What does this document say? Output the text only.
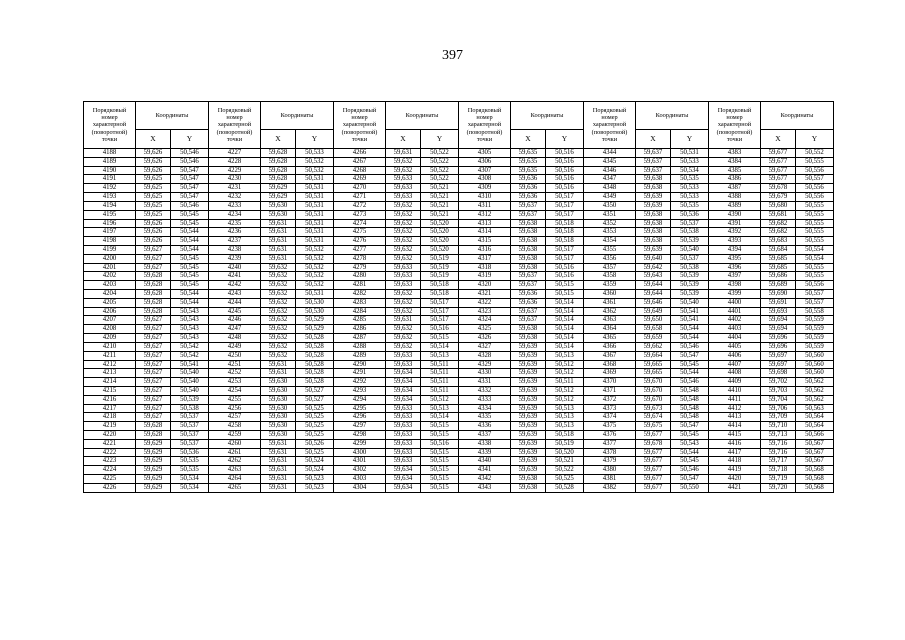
397
Порядковый номер характерной (поворотной) точки	Координаты		Порядковый номер характерной (поворотной) точки	Координаты		Порядковый номер характерной (поворотной) точки	Координаты		Порядковый номер характерной (поворотной) точки	Координаты		Порядковый номер характерной (поворотной) точки	Координаты		Порядковый номер характерной (поворотной) точки	Координаты	
	X	Y		X	Y		X	Y		X	Y		X	Y		X	Y
4188	59,626	50,546	4227	59,628	50,533	4266	59,631	50,522	4305	59,635	50,516	4344	59,637	50,531	4383	59,677	50,552
4189	59,626	50,546	4228	59,628	50,532	4267	59,632	50,522	4306	59,635	50,516	4345	59,637	50,533	4384	59,677	50,555
4190	59,626	50,547	4229	59,628	50,532	4268	59,632	50,522	4307	59,635	50,516	4346	59,637	50,534	4385	59,677	50,556
4191	59,625	50,547	4230	59,628	50,531	4269	59,633	50,522	4308	59,636	50,516	4347	59,638	50,535	4386	59,677	50,557
4192	59,625	50,547	4231	59,629	50,531	4270	59,633	50,521	4309	59,636	50,516	4348	59,638	50,533	4387	59,678	50,556
4193	59,625	50,547	4232	59,629	50,531	4271	59,633	50,521	4310	59,636	50,517	4349	59,639	50,533	4388	59,679	50,556
4194	59,625	50,546	4233	59,630	50,531	4272	59,632	50,521	4311	59,637	50,517	4350	59,639	50,535	4389	59,680	50,555
4195	59,625	50,545	4234	59,630	50,531	4273	59,632	50,521	4312	59,637	50,517	4351	59,638	50,536	4390	59,681	50,555
4196	59,626	50,545	4235	59,631	50,531	4274	59,632	50,520	4313	59,638	50,518	4352	59,638	50,537	4391	59,682	50,555
4197	59,626	50,544	4236	59,631	50,531	4275	59,632	50,520	4314	59,638	50,518	4353	59,638	50,538	4392	59,682	50,555
4198	59,626	50,544	4237	59,631	50,531	4276	59,632	50,520	4315	59,638	50,518	4354	59,638	50,539	4393	59,683	50,555
4199	59,627	50,544	4238	59,631	50,532	4277	59,632	50,520	4316	59,638	50,517	4355	59,639	50,540	4394	59,684	50,554
4200	59,627	50,545	4239	59,631	50,532	4278	59,632	50,519	4317	59,638	50,517	4356	59,640	50,537	4395	59,685	50,554
4201	59,627	50,545	4240	59,632	50,532	4279	59,633	50,519	4318	59,638	50,516	4357	59,642	50,538	4396	59,685	50,555
4202	59,628	50,545	4241	59,632	50,532	4280	59,633	50,519	4319	59,637	50,516	4358	59,643	50,539	4397	59,686	50,555
4203	59,628	50,545	4242	59,632	50,532	4281	59,633	50,518	4320	59,637	50,515	4359	59,644	50,539	4398	59,689	50,556
4204	59,628	50,544	4243	59,632	50,531	4282	59,632	50,518	4321	59,636	50,515	4360	59,644	50,539	4399	59,690	50,557
4205	59,628	50,544	4244	59,632	50,530	4283	59,632	50,517	4322	59,636	50,514	4361	59,646	50,540	4400	59,691	50,557
4206	59,628	50,543	4245	59,632	50,530	4284	59,632	50,517	4323	59,637	50,514	4362	59,649	50,541	4401	59,693	50,558
4207	59,627	50,543	4246	59,632	50,529	4285	59,631	50,517	4324	59,637	50,514	4363	59,650	50,541	4402	59,694	50,559
4208	59,627	50,543	4247	59,632	50,529	4286	59,632	50,516	4325	59,638	50,514	4364	59,658	50,544	4403	59,694	50,559
4209	59,627	50,543	4248	59,632	50,528	4287	59,632	50,515	4326	59,638	50,514	4365	59,659	50,544	4404	59,696	50,559
4210	59,627	50,542	4249	59,632	50,528	4288	59,632	50,514	4327	59,639	50,514	4366	59,662	50,546	4405	59,696	50,559
4211	59,627	50,542	4250	59,632	50,528	4289	59,633	50,513	4328	59,639	50,513	4367	59,664	50,547	4406	59,697	50,560
4212	59,627	50,541	4251	59,631	50,528	4290	59,633	50,511	4329	59,639	50,512	4368	59,665	50,545	4407	59,697	50,560
4213	59,627	50,540	4252	59,631	50,528	4291	59,634	50,511	4330	59,639	50,512	4369	59,665	50,544	4408	59,698	50,560
4214	59,627	50,540	4253	59,630	50,528	4292	59,634	50,511	4331	59,639	50,511	4370	59,670	50,546	4409	59,702	50,562
4215	59,627	50,540	4254	59,630	50,527	4293	59,634	50,511	4332	59,639	50,512	4371	59,670	50,548	4410	59,703	50,562
4216	59,627	50,539	4255	59,630	50,527	4294	59,634	50,512	4333	59,639	50,512	4372	59,670	50,548	4411	59,704	50,562
4217	59,627	50,538	4256	59,630	50,525	4295	59,633	50,513	4334	59,639	50,513	4373	59,673	50,548	4412	59,706	50,563
4218	59,627	50,537	4257	59,630	50,525	4296	59,633	50,514	4335	59,639	50,513	4374	59,674	50,548	4413	59,709	50,564
4219	59,628	50,537	4258	59,630	50,525	4297	59,633	50,515	4336	59,639	50,513	4375	59,675	50,547	4414	59,710	50,564
4220	59,628	50,537	4259	59,630	50,525	4298	59,633	50,515	4337	59,639	50,518	4376	59,677	50,545	4415	59,713	50,566
4221	59,629	50,537	4260	59,631	50,526	4299	59,633	50,516	4338	59,639	50,519	4377	59,678	50,543	4416	59,716	50,567
4222	59,629	50,536	4261	59,631	50,525	4300	59,633	50,515	4339	59,639	50,520	4378	59,677	50,544	4417	59,716	50,567
4223	59,629	50,535	4262	59,631	50,524	4301	59,633	50,515	4340	59,639	50,521	4379	59,677	50,545	4418	59,717	50,567
4224	59,629	50,535	4263	59,631	50,524	4302	59,634	50,515	4341	59,639	50,522	4380	59,677	50,546	4419	59,718	50,568
4225	59,629	50,534	4264	59,631	50,523	4303	59,634	50,515	4342	59,638	50,525	4381	59,677	50,547	4420	59,719	50,568
4226	59,629	50,534	4265	59,631	50,523	4304	59,634	50,515	4343	59,638	50,528	4382	59,677	50,550	4421	59,720	50,568
